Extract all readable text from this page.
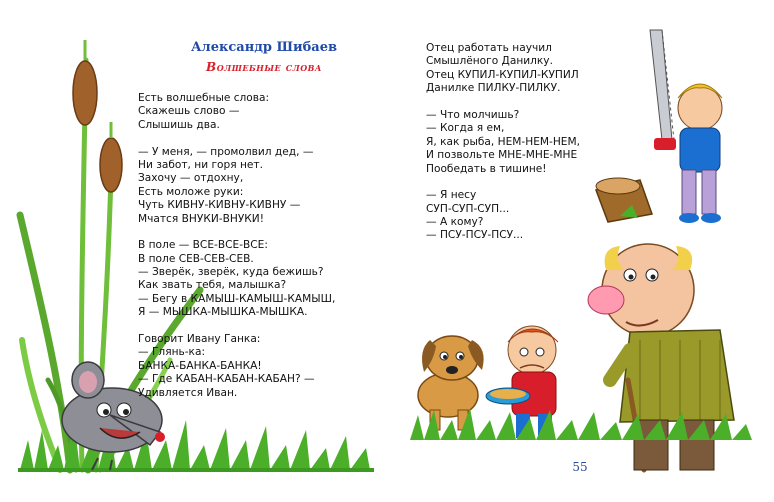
Александр Шибаев
Волшебные слова
Есть волшебные слова:
Скажешь слово —
Слышишь два.
— У меня, — промолвил дед, —
Ни забот, ни горя нет.
Захочу — отдохну,
Есть моложе руки:
Чуть КИВНУ-КИВНУ-КИВНУ —
Мчатся ВНУКИ-ВНУКИ!
В поле — ВСЕ-ВСЕ-ВСЕ:
В поле СЕВ-СЕВ-СЕВ.
— Зверёк, зверёк, куда бежишь?
Как звать тебя, малышка?
— Бегу в КАМЫШ-КАМЫШ-КАМЫШ,
Я — МЫШКА-МЫШКА-МЫШКА.
Говорит Ивану Ганка:
— Глянь-ка:
БАНКА-БАНКА-БАНКА!
— Где КАБАН-КАБАН-КАБАН? —
Удивляется Иван.
Отец работать научил
Смышлёного Данилку.
Отец КУПИЛ-КУПИЛ-КУПИЛ
Данилке ПИЛКУ-ПИЛКУ.
— Что молчишь?
— Когда я ем,
Я, как рыба, НЕМ-НЕМ-НЕМ,
И позвольте МНЕ-МНЕ-МНЕ
Пообедать в тишине!
— Я несу
СУП-СУП-СУП...
— А кому?
— ПСУ-ПСУ-ПСУ...
55
